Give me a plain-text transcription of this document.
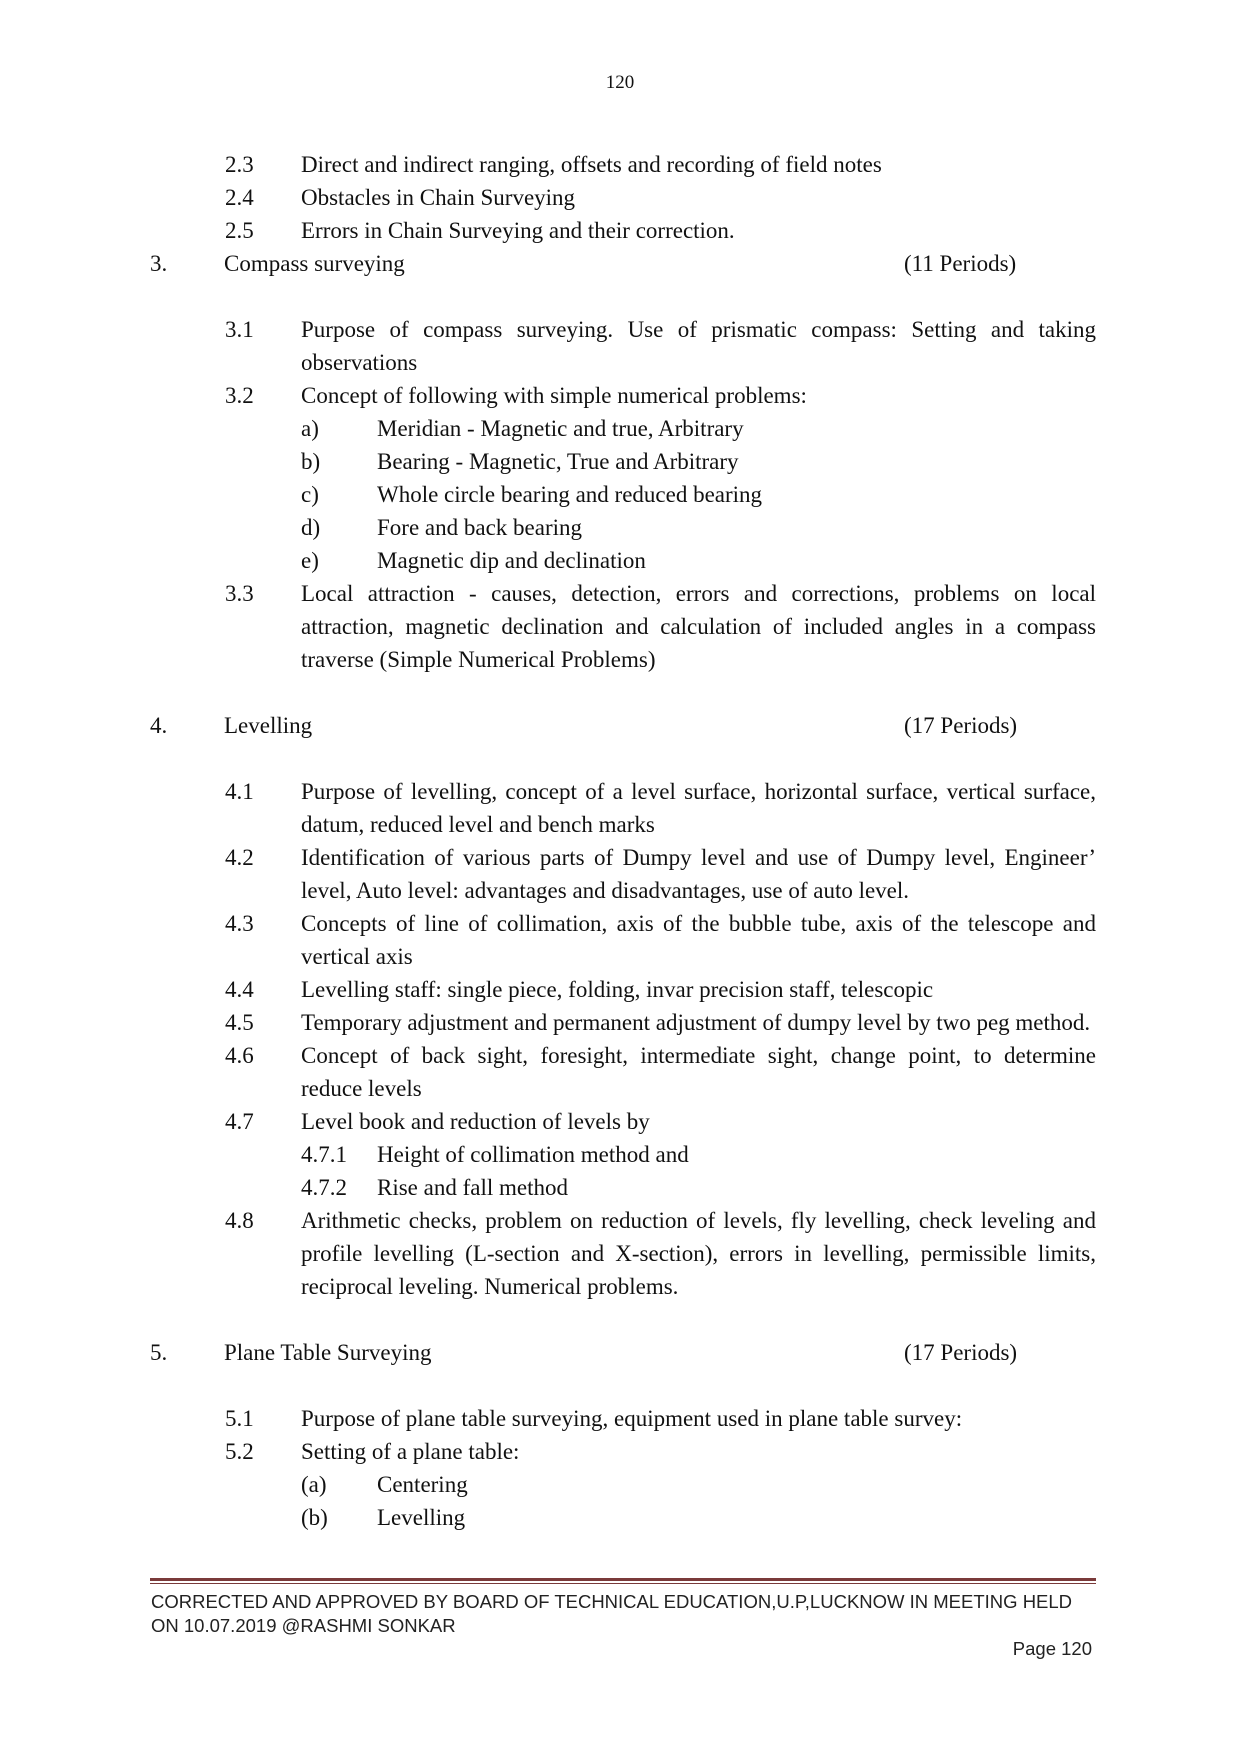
120
2.3 Direct and indirect ranging, offsets and recording of field notes
2.4 Obstacles in Chain Surveying
2.5 Errors in Chain Surveying and their correction.
3. Compass surveying	(11 Periods)
3.1 Purpose of compass surveying. Use of prismatic compass: Setting and taking observations
3.2 Concept of following with simple numerical problems:
a)	Meridian - Magnetic and true, Arbitrary
b) Bearing - Magnetic, True and Arbitrary
c)	Whole circle bearing and reduced bearing
d) Fore and back bearing
e)	Magnetic dip and declination
3.3 Local attraction - causes, detection, errors and corrections, problems on local attraction, magnetic declination and calculation of included angles in a compass traverse (Simple Numerical Problems)
4. Levelling	(17 Periods)
4.1 Purpose of levelling, concept of a level surface, horizontal surface, vertical surface, datum, reduced level and bench marks
4.2 Identification of various parts of Dumpy level and use of Dumpy level, Engineer’ level, Auto level: advantages and disadvantages, use of auto level.
4.3 Concepts of line of collimation, axis of the bubble tube, axis of the telescope and vertical axis
4.4 Levelling staff: single piece, folding, invar precision staff, telescopic
4.5 Temporary adjustment and permanent adjustment of dumpy level by two peg method.
4.6 Concept of back sight, foresight, intermediate sight, change point, to determine reduce levels
4.7 Level book and reduction of levels by
4.7.1 Height of collimation method and
4.7.2 Rise and fall method
4.8 Arithmetic checks, problem on reduction of levels, fly levelling, check leveling and profile levelling (L-section and X-section), errors in levelling, permissible limits, reciprocal leveling. Numerical problems.
5. Plane Table Surveying	(17 Periods)
5.1 Purpose of plane table surveying, equipment used in plane table survey:
5.2 Setting of a plane table:
(a) Centering
(b) Levelling
CORRECTED AND APPROVED BY BOARD OF TECHNICAL EDUCATION,U.P,LUCKNOW IN MEETING HELD ON 10.07.2019 @RASHMI SONKAR
Page 120
